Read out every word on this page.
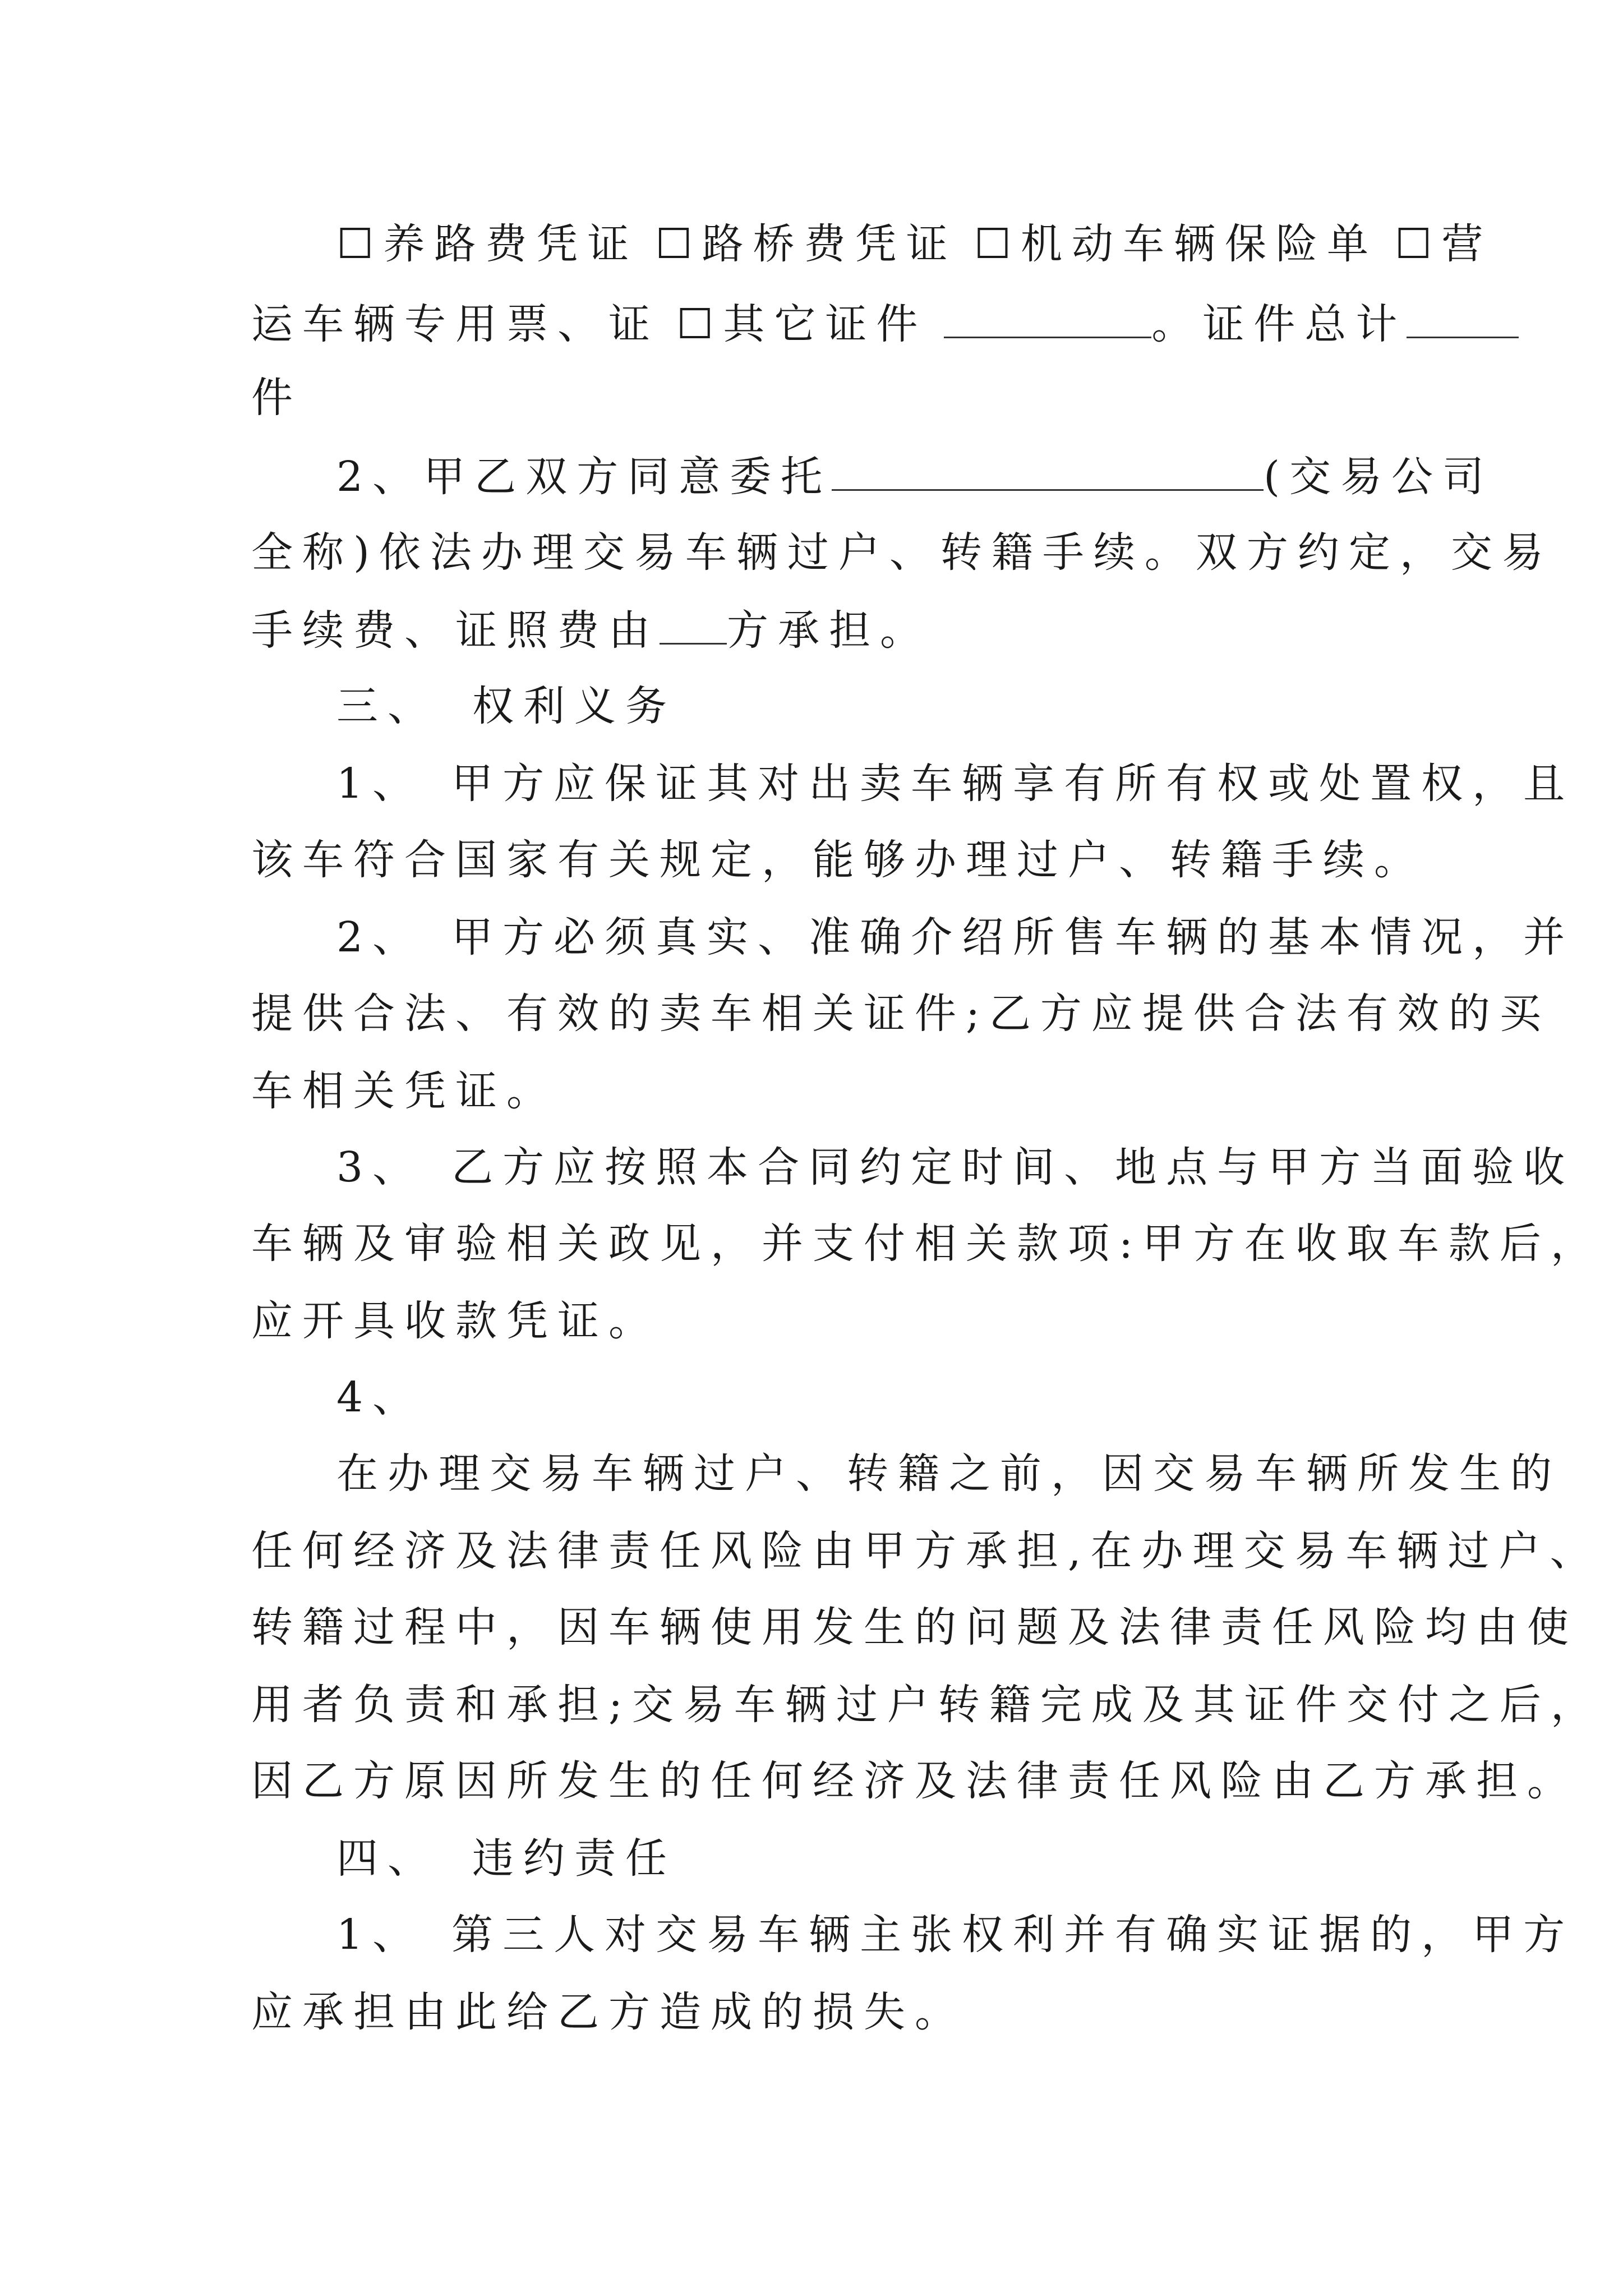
☐养路费凭证 ☐路桥费凭证 ☐机动车辆保险单 ☐营
运车辆专用票、证 ☐其它证件	。证件总计
件
2、甲乙双方同意委托	(交易公司
全称)依法办理交易车辆过户、转籍手续。双方约定，交易
手续费、证照费由 方承担。
三、 权利义务
1、 甲方应保证其对出卖车辆享有所有权或处置权，且
该车符合国家有关规定，能够办理过户、转籍手续。
2、 甲方必须真实、准确介绍所售车辆的基本情况，并
提供合法、有效的卖车相关证件;乙方应提供合法有效的买
车相关凭证。
3、 乙方应按照本合同约定时间、地点与甲方当面验收
车辆及审验相关政见，并支付相关款项:甲方在收取车款后，
应开具收款凭证。
4、
在办理交易车辆过户、转籍之前，因交易车辆所发生的
任何经济及法律责任风险由甲方承担,在办理交易车辆过户、
转籍过程中，因车辆使用发生的问题及法律责任风险均由使
用者负责和承担;交易车辆过户转籍完成及其证件交付之后，
因乙方原因所发生的任何经济及法律责任风险由乙方承担。
四、 违约责任
1、 第三人对交易车辆主张权利并有确实证据的，甲方
应承担由此给乙方造成的损失。
